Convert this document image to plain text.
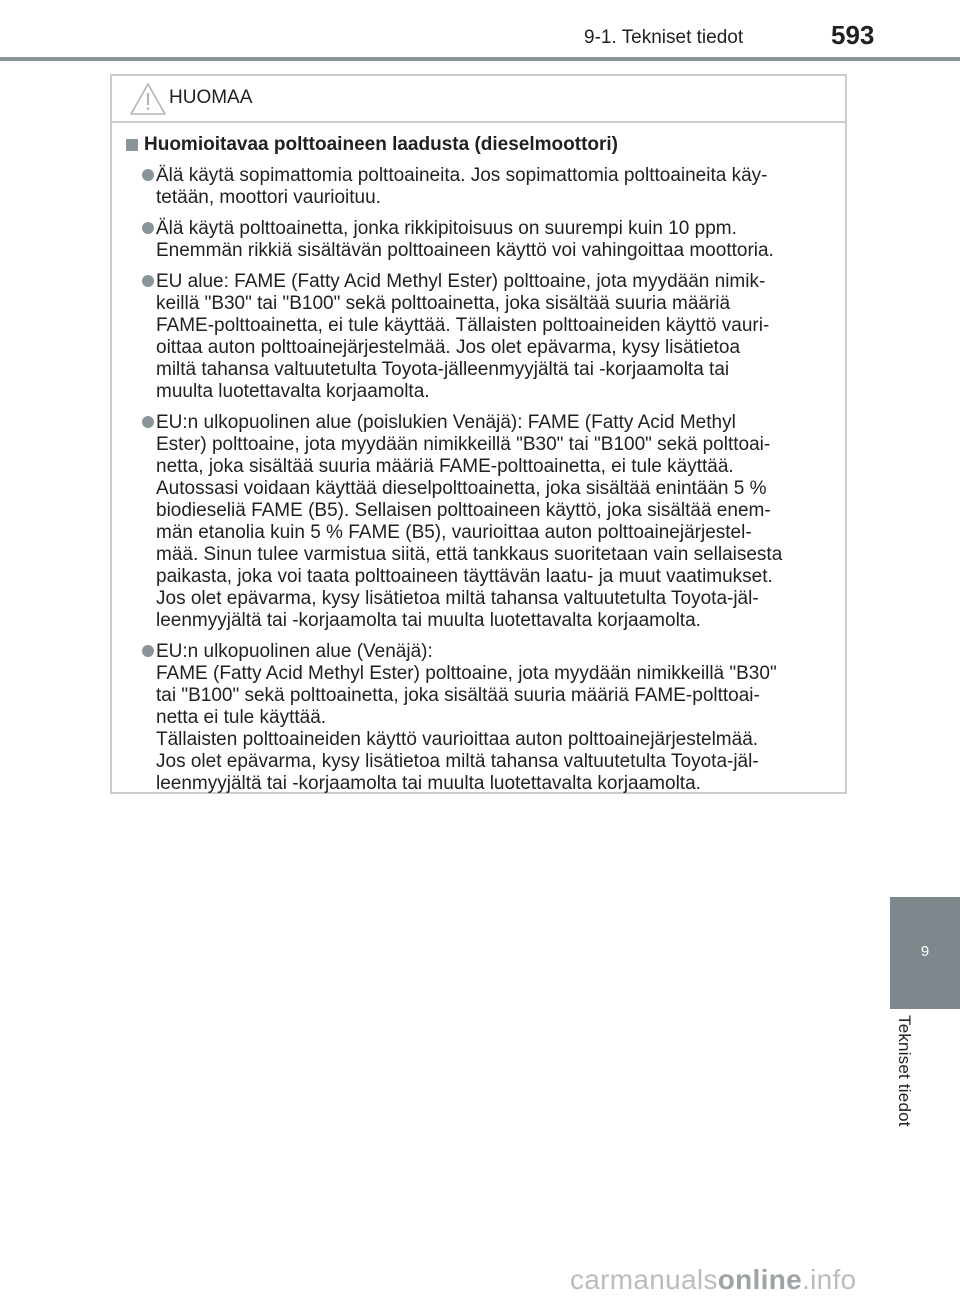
9-1. Tekniset tiedot	593
9
Tekniset tiedot
HUOMAA
Huomioitavaa polttoaineen laadusta (dieselmoottori)

Älä käytä sopimattomia polttoaineita. Jos sopimattomia polttoaineita käy-
tetään, moottori vaurioituu.

Älä käytä polttoainetta, jonka rikkipitoisuus on suurempi kuin 10 ppm.
Enemmän rikkiä sisältävän polttoaineen käyttö voi vahingoittaa moottoria.

EU alue: FAME (Fatty Acid Methyl Ester) polttoaine, jota myydään nimik-
keillä "B30" tai "B100" sekä polttoainetta, joka sisältää suuria määriä
FAME-polttoainetta, ei tule käyttää. Tällaisten polttoaineiden käyttö vauri-
oittaa auton polttoainejärjestelmää. Jos olet epävarma, kysy lisätietoa
miltä tahansa valtuutetulta Toyota-jälleenmyyjältä tai -korjaamolta tai
muulta luotettavalta korjaamolta.

EU:n ulkopuolinen alue (poislukien Venäjä): FAME (Fatty Acid Methyl
Ester) polttoaine, jota myydään nimikkeillä "B30" tai "B100" sekä polttoai-
netta, joka sisältää suuria määriä FAME-polttoainetta, ei tule käyttää.
Autossasi voidaan käyttää dieselpolttoainetta, joka sisältää enintään 5 %
biodieseliä FAME (B5). Sellaisen polttoaineen käyttö, joka sisältää enem-
män etanolia kuin 5 % FAME (B5), vaurioittaa auton polttoainejärjestel-
mää. Sinun tulee varmistua siitä, että tankkaus suoritetaan vain sellaisesta
paikasta, joka voi taata polttoaineen täyttävän laatu- ja muut vaatimukset.
Jos olet epävarma, kysy lisätietoa miltä tahansa valtuutetulta Toyota-jäl-
leenmyyjältä tai -korjaamolta tai muulta luotettavalta korjaamolta.

EU:n ulkopuolinen alue (Venäjä):
FAME (Fatty Acid Methyl Ester) polttoaine, jota myydään nimikkeillä "B30"
tai "B100" sekä polttoainetta, joka sisältää suuria määriä FAME-polttoai-
netta ei tule käyttää.
Tällaisten polttoaineiden käyttö vaurioittaa auton polttoainejärjestelmää.
Jos olet epävarma, kysy lisätietoa miltä tahansa valtuutetulta Toyota-jäl-
leenmyyjältä tai -korjaamolta tai muulta luotettavalta korjaamolta.

carmanualsonline.info
